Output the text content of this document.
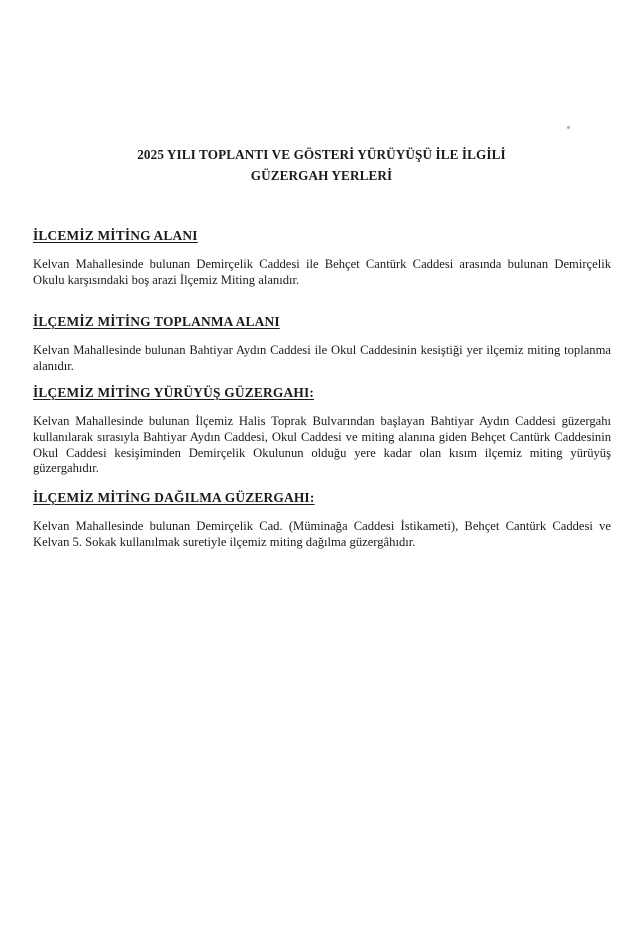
2025 YILI TOPLANTI VE GÖSTERİ YÜRÜYÜŞÜ İLE İLGİLİ
GÜZERGAH YERLERİ
İLCEMİZ MİTİNG ALANI

Kelvan Mahallesinde bulunan Demirçelik Caddesi ile Behçet Cantürk Caddesi arasında bulunan Demirçelik Okulu karşısındaki boş arazi İlçemiz Miting alanıdır.

İLÇEMİZ MİTİNG TOPLANMA ALANI

Kelvan Mahallesinde bulunan Bahtiyar Aydın Caddesi ile Okul Caddesinin kesiştiği yer ilçemiz miting toplanma alanıdır.

İLÇEMİZ MİTİNG YÜRÜYÜŞ GÜZERGAHI:

Kelvan Mahallesinde bulunan İlçemiz Halis Toprak Bulvarından başlayan Bahtiyar Aydın Caddesi güzergahı kullanılarak sırasıyla Bahtiyar Aydın Caddesi, Okul Caddesi ve miting alanına giden Behçet Cantürk Caddesinin Okul Caddesi kesişiminden Demirçelik Okulunun olduğu yere kadar olan kısım ilçemiz miting yürüyüş güzergahıdır.

İLÇEMİZ MİTİNG DAĞILMA GÜZERGAHI:

Kelvan Mahallesinde bulunan Demirçelik Cad. (Müminağa Caddesi İstikameti), Behçet Cantürk Caddesi ve Kelvan 5. Sokak kullanılmak suretiyle ilçemiz miting dağılma güzergâhıdır.
